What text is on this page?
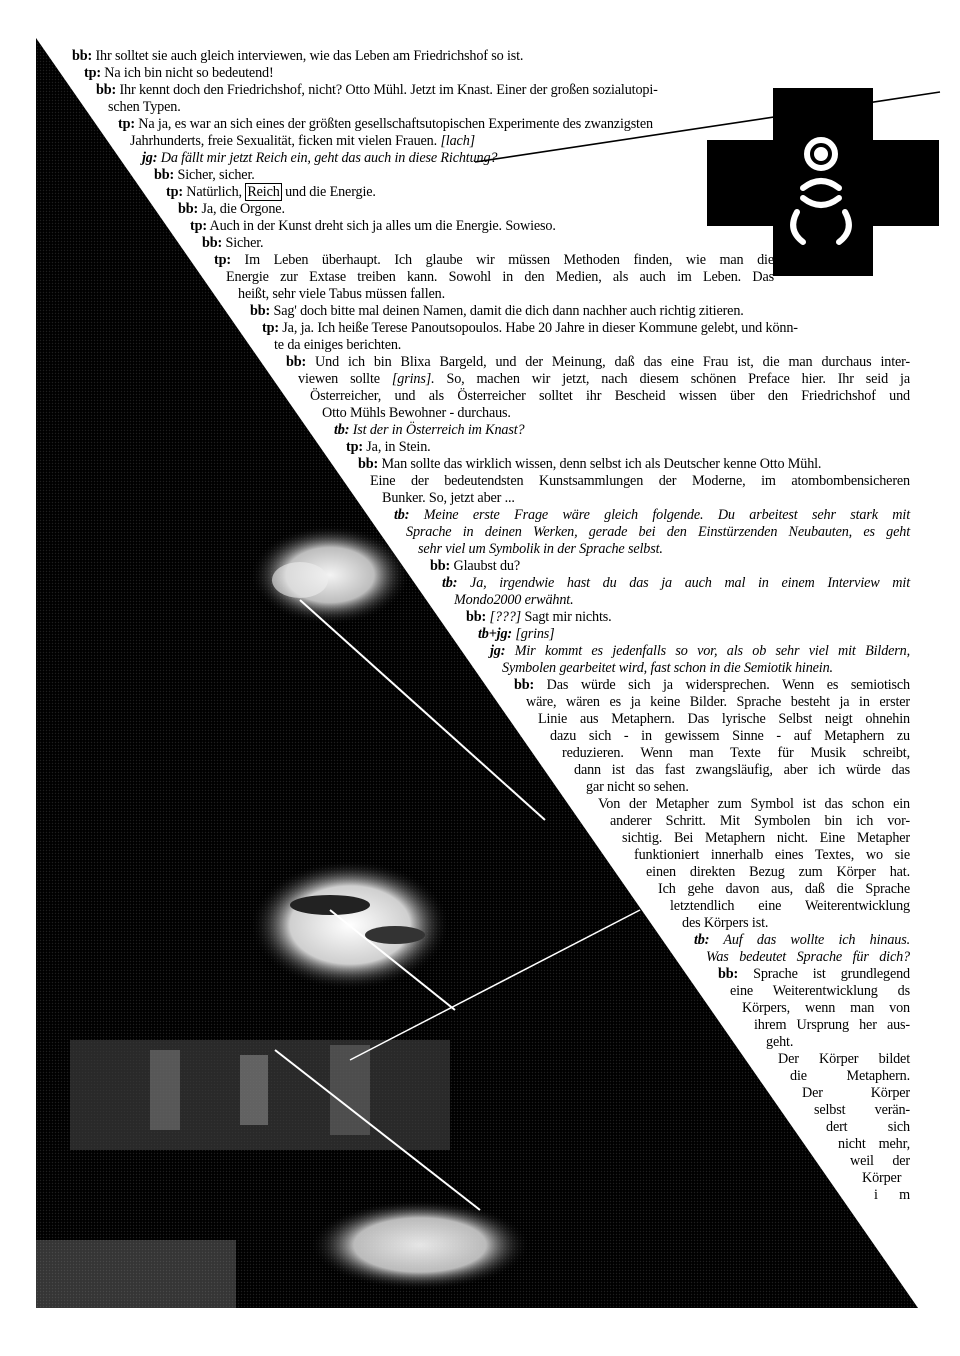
bb: Ihr solltet sie auch gleich interviewen, wie das Leben am Friedrichshof so ist.
tp: Na ich bin nicht so bedeutend!
bb: Ihr kennt doch den Friedrichshof, nicht? Otto Mühl. Jetzt im Knast. Einer der großen sozialutopi-
schen Typen.
tp: Na ja, es war an sich eines der größten gesellschaftsutopischen Experimente des zwanzigsten
Jahrhunderts, freie Sexualität, ficken mit vielen Frauen. [lach]
jg: Da fällt mir jetzt Reich ein, geht das auch in diese Richtung?
bb: Sicher, sicher.
tp: Natürlich, Reich und die Energie.
bb: Ja, die Orgone.
tp: Auch in der Kunst dreht sich ja alles um die Energie. Sowieso.
bb: Sicher.
tp: Im Leben überhaupt. Ich glaube wir müssen Methoden finden, wie man die
Energie zur Extase treiben kann. Sowohl in den Medien, als auch im Leben. Das
heißt, sehr viele Tabus müssen fallen.
bb: Sag' doch bitte mal deinen Namen, damit die dich dann nachher auch richtig zitieren.
tp: Ja, ja. Ich heiße Terese Panoutsopoulos. Habe 20 Jahre in dieser Kommune gelebt, und könn-
te da einiges berichten.
bb: Und ich bin Blixa Bargeld, und der Meinung, daß das eine Frau ist, die man durchaus inter-
viewen sollte [grins]. So, machen wir jetzt, nach diesem schönen Preface hier. Ihr seid ja
Österreicher, und als Österreicher solltet ihr Bescheid wissen über den Friedrichshof und
Otto Mühls Bewohner - durchaus.
tb: Ist der in Österreich im Knast?
tp: Ja, in Stein.
bb: Man sollte das wirklich wissen, denn selbst ich als Deutscher kenne Otto Mühl.
Eine der bedeutendsten Kunstsammlungen der Moderne, im atombombensicheren
Bunker. So, jetzt aber ...
tb: Meine erste Frage wäre gleich folgende. Du arbeitest sehr stark mit
Sprache in deinen Werken, gerade bei den Einstürzenden Neubauten, es geht
sehr viel um Symbolik in der Sprache selbst.
bb: Glaubst du?
tb: Ja, irgendwie hast du das ja auch mal in einem Interview mit
Mondo2000 erwähnt.
bb: [???] Sagt mir nichts.
tb+jg: [grins]
jg: Mir kommt es jedenfalls so vor, als ob sehr viel mit Bildern,
Symbolen gearbeitet wird, fast schon in die Semiotik hinein.
bb: Das würde sich ja widersprechen. Wenn es semiotisch
wäre, wären es ja keine Bilder. Sprache besteht ja in erster
Linie aus Metaphern. Das lyrische Selbst neigt ohnehin
dazu sich - in gewissem Sinne - auf Metaphern zu
reduzieren. Wenn man Texte für Musik schreibt,
dann ist das fast zwangsläufig, aber ich würde das
gar nicht so sehen.
Von der Metapher zum Symbol ist das schon ein
anderer Schritt. Mit Symbolen bin ich vor-
sichtig. Bei Metaphern nicht. Eine Metapher
funktioniert innerhalb eines Textes, wo sie
einen direkten Bezug zum Körper hat.
Ich gehe davon aus, daß die Sprache
letztendlich eine Weiterentwicklung
des Körpers ist.
tb: Auf das wollte ich hinaus.
Was bedeutet Sprache für dich?
bb: Sprache ist grundlegend
eine Weiterentwicklung ds
Körpers, wenn man von
ihrem Ursprung her aus-
geht.
Der Körper bildet
die Metaphern.
Der Körper
selbst verän-
dert sich
nicht mehr,
weil der
Körper
i m
